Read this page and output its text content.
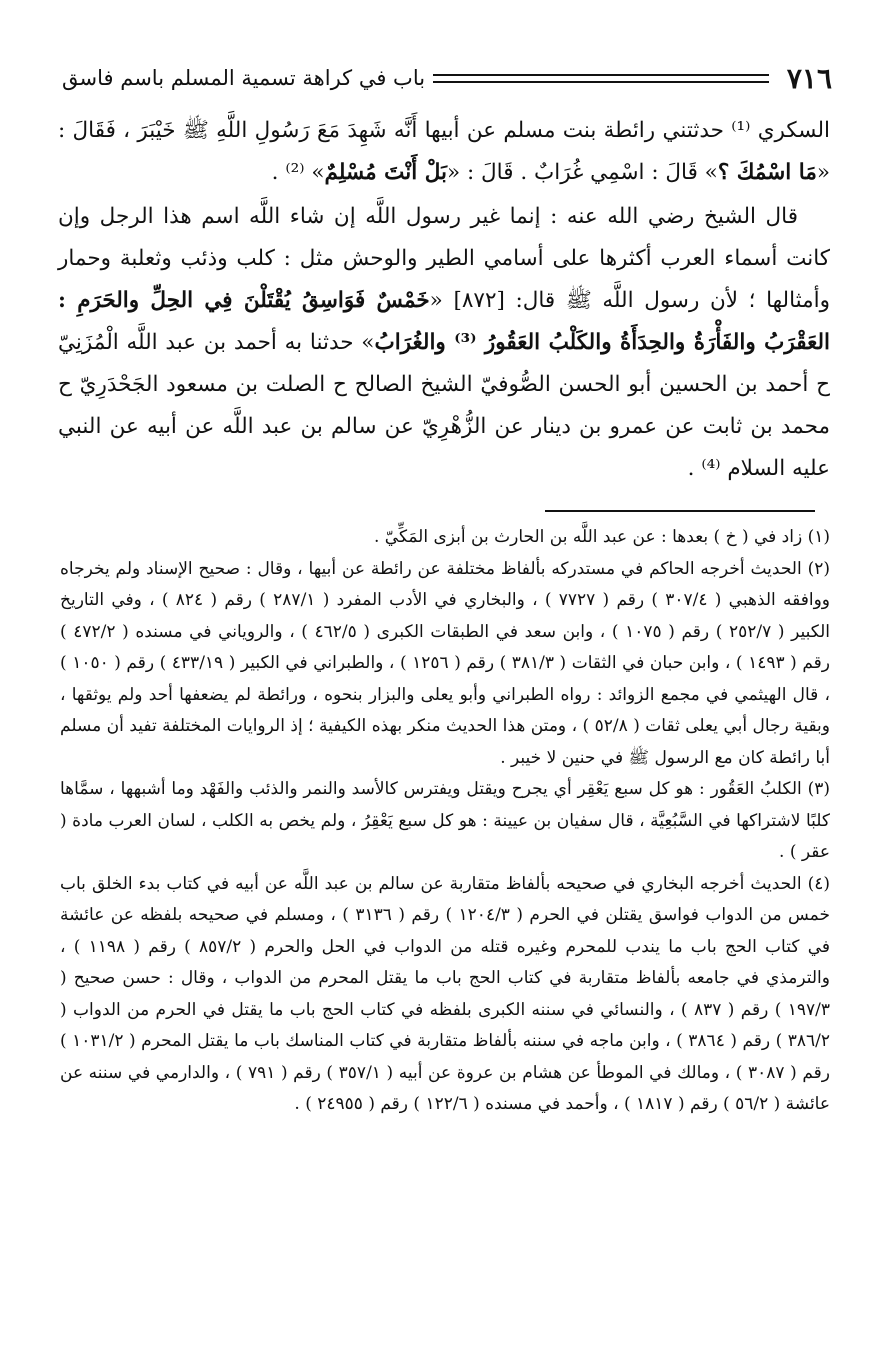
٧١٦
باب في كراهة تسمية المسلم باسم فاسق

السكري ⁽¹⁾ حدثتني رائطة بنت مسلم عن أبيها أَنَّه شَهِدَ مَعَ رَسُولِ اللَّهِ ﷺ خَيْبَرَ ، فَقَالَ : «مَا اسْمُكَ ؟» قَالَ : اسْمِي غُرَابٌ . قَالَ : «بَلْ أَنْتَ مُسْلِمٌ» ⁽²⁾ .

قال الشيخ رضي الله عنه : إنما غير رسول اللَّه إن شاء اللَّه اسم هذا الرجل وإن كانت أسماء العرب أكثرها على أسامي الطير والوحش مثل : كلب وذئب وثعلبة وحمار وأمثالها ؛ لأن رسول اللَّه ﷺ قال: [٨٧٢] «خَمْسٌ فَوَاسِقُ يُقْتَلْنَ فِي الحِلِّ والحَرَمِ : العَقْرَبُ والفَأْرَةُ والحِدَأَةُ والكَلْبُ العَقُورُ ⁽³⁾ والغُرَابُ» حدثنا به أحمد بن عبد اللَّه الْمُزَنِيّ ح أحمد بن الحسين أبو الحسن الصُّوفيّ الشيخ الصالح ح الصلت بن مسعود الجَحْدَرِيّ ح محمد بن ثابت عن عمرو بن دينار عن الزُّهْرِيّ عن سالم بن عبد اللَّه عن أبيه عن النبي عليه السلام ⁽⁴⁾ .

(١) زاد في ( خ ) بعدها : عن عبد اللَّه بن الحارث بن أبزى المَكِّيّ .

(٢) الحديث أخرجه الحاكم في مستدركه بألفاظ مختلفة عن رائطة عن أبيها ، وقال : صحيح الإسناد ولم يخرجاه ووافقه الذهبي ( ٣٠٧/٤ ) رقم ( ٧٧٢٧ ) ، والبخاري في الأدب المفرد ( ٢٨٧/١ ) رقم ( ٨٢٤ ) ، وفي التاريخ الكبير ( ٢٥٢/٧ ) رقم ( ١٠٧٥ ) ، وابن سعد في الطبقات الكبرى ( ٤٦٢/٥ ) ، والروياني في مسنده ( ٤٧٢/٢ ) رقم ( ١٤٩٣ ) ، وابن حبان في الثقات ( ٣٨١/٣ ) رقم ( ١٢٥٦ ) ، والطبراني في الكبير ( ٤٣٣/١٩ ) رقم ( ١٠٥٠ ) ، قال الهيثمي في مجمع الزوائد : رواه الطبراني وأبو يعلى والبزار بنحوه ، ورائطة لم يضعفها أحد ولم يوثقها ، وبقية رجال أبي يعلى ثقات ( ٥٢/٨ ) ، ومتن هذا الحديث منكر بهذه الكيفية ؛ إذ الروايات المختلفة تفيد أن مسلم أبا رائطة كان مع الرسول ﷺ في حنين لا خيبر .

(٣) الكلبُ العَقُور : هو كل سبع يَعْقِر أي يجرح ويقتل ويفترس كالأسد والنمر والذئب والفَهْد وما أشبهها ، سمَّاها كلبًا لاشتراكها في السَّبُعِيَّة ، قال سفيان بن عيينة : هو كل سبع يَعْقِرُ ، ولم يخص به الكلب ، لسان العرب مادة ( عقر ) .

(٤) الحديث أخرجه البخاري في صحيحه بألفاظ متقاربة عن سالم بن عبد اللَّه عن أبيه في كتاب بدء الخلق باب خمس من الدواب فواسق يقتلن في الحرم ( ١٢٠٤/٣ ) رقم ( ٣١٣٦ ) ، ومسلم في صحيحه بلفظه عن عائشة في كتاب الحج باب ما يندب للمحرم وغيره قتله من الدواب في الحل والحرم ( ٨٥٧/٢ ) رقم ( ١١٩٨ ) ، والترمذي في جامعه بألفاظ متقاربة في كتاب الحج باب ما يقتل المحرم من الدواب ، وقال : حسن صحيح ( ١٩٧/٣ ) رقم ( ٨٣٧ ) ، والنسائي في سننه الكبرى بلفظه في كتاب الحج باب ما يقتل في الحرم من الدواب ( ٣٨٦/٢ ) رقم ( ٣٨٦٤ ) ، وابن ماجه في سننه بألفاظ متقاربة في كتاب المناسك باب ما يقتل المحرم ( ١٠٣١/٢ ) رقم ( ٣٠٨٧ ) ، ومالك في الموطأ عن هشام بن عروة عن أبيه ( ٣٥٧/١ ) رقم ( ٧٩١ ) ، والدارمي في سننه عن عائشة ( ٥٦/٢ ) رقم ( ١٨١٧ ) ، وأحمد في مسنده ( ١٢٢/٦ ) رقم ( ٢٤٩٥٥ ) .
